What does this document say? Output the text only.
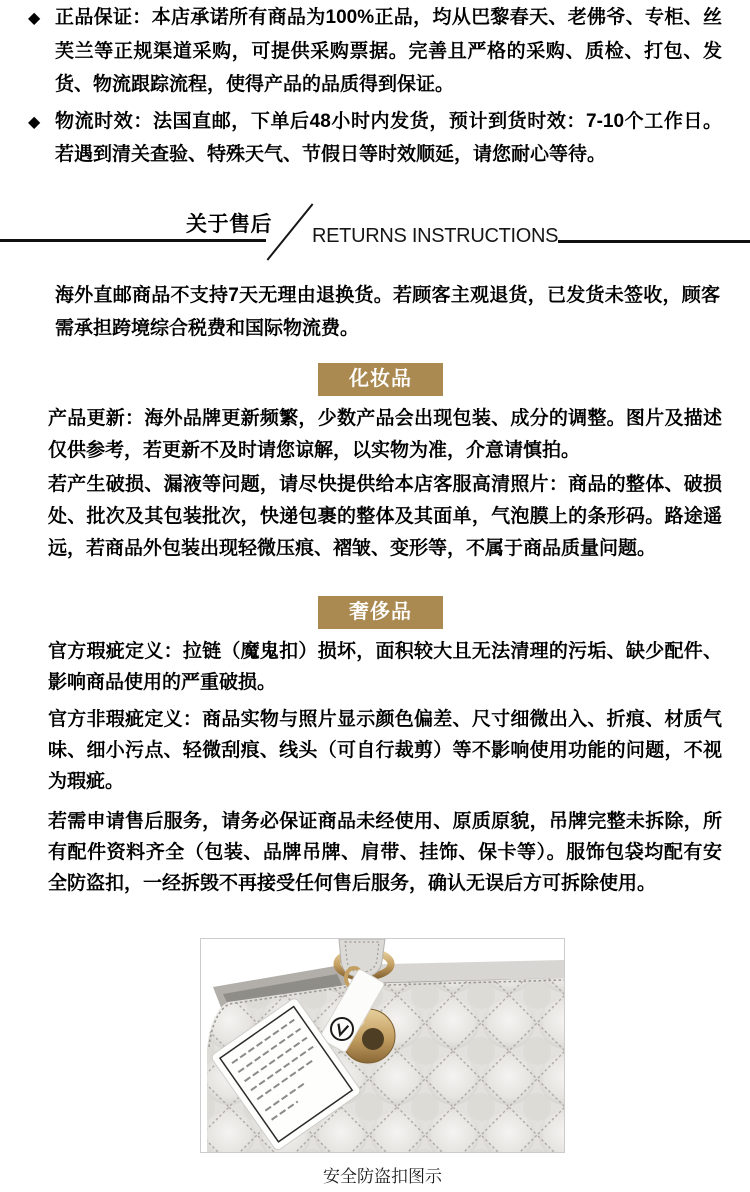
◆ 正品保证：本店承诺所有商品为100%正品，均从巴黎春天、老佛爷、专柜、丝芙兰等正规渠道采购，可提供采购票据。完善且严格的采购、质检、打包、发货、物流跟踪流程，使得产品的品质得到保证。
◆ 物流时效：法国直邮，下单后48小时内发货，预计到货时效：7-10个工作日。若遇到清关查验、特殊天气、节假日等时效顺延，请您耐心等待。
关于售后 RETURNS INSTRUCTIONS
海外直邮商品不支持7天无理由退换货。若顾客主观退货，已发货未签收，顾客需承担跨境综合税费和国际物流费。
化妆品
产品更新：海外品牌更新频繁，少数产品会出现包装、成分的调整。图片及描述仅供参考，若更新不及时请您谅解，以实物为准，介意请慎拍。
若产生破损、漏液等问题，请尽快提供给本店客服高清照片：商品的整体、破损处、批次及其包装批次，快递包裹的整体及其面单，气泡膜上的条形码。路途遥远，若商品外包装出现轻微压痕、褶皱、变形等，不属于商品质量问题。
奢侈品
官方瑕疵定义：拉链（魔鬼扣）损坏，面积较大且无法清理的污垢、缺少配件、影响商品使用的严重破损。
官方非瑕疵定义：商品实物与照片显示颜色偏差、尺寸细微出入、折痕、材质气味、细小污点、轻微刮痕、线头（可自行裁剪）等不影响使用功能的问题，不视为瑕疵。
若需申请售后服务，请务必保证商品未经使用、原质原貌，吊牌完整未拆除，所有配件资料齐全（包装、品牌吊牌、肩带、挂饰、保卡等）。服饰包袋均配有安全防盗扣，一经拆毁不再接受任何售后服务，确认无误后方可拆除使用。
安全防盗扣图示
